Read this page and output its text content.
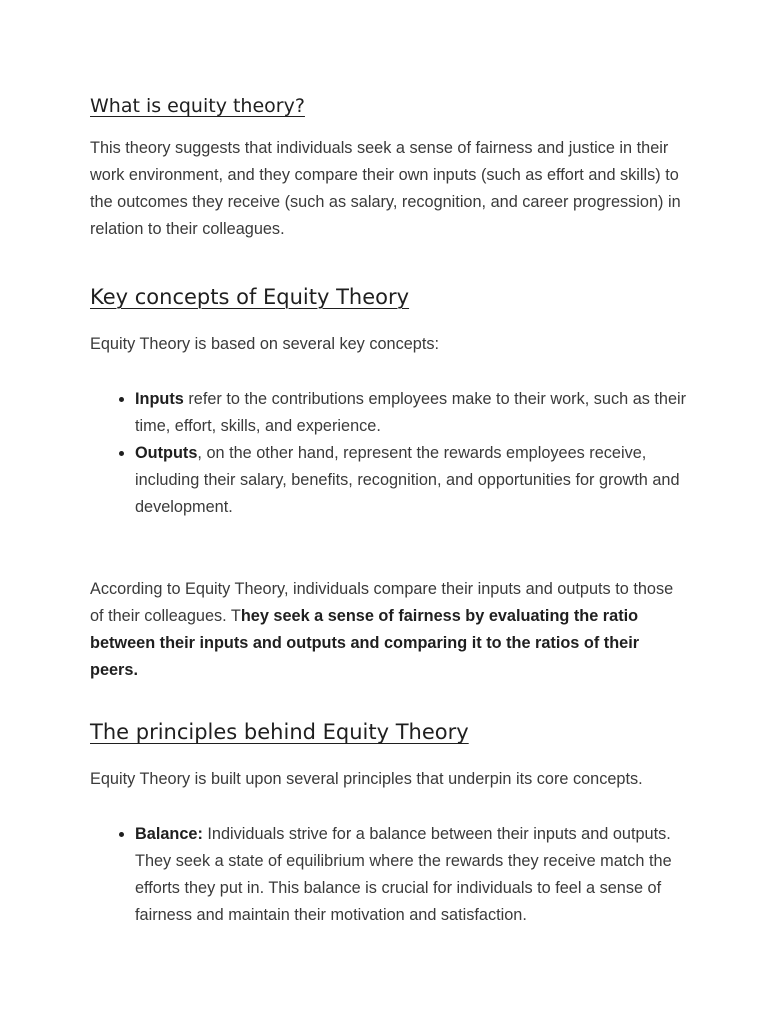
What is equity theory?

This theory suggests that individuals seek a sense of fairness and justice in their work environment, and they compare their own inputs (such as effort and skills) to the outcomes they receive (such as salary, recognition, and career progression) in relation to their colleagues.

Key concepts of Equity Theory

Equity Theory is based on several key concepts:

• Inputs refer to the contributions employees make to their work, such as their time, effort, skills, and experience.
• Outputs, on the other hand, represent the rewards employees receive, including their salary, benefits, recognition, and opportunities for growth and development.

According to Equity Theory, individuals compare their inputs and outputs to those of their colleagues. They seek a sense of fairness by evaluating the ratio between their inputs and outputs and comparing it to the ratios of their peers.

The principles behind Equity Theory

Equity Theory is built upon several principles that underpin its core concepts.

• Balance: Individuals strive for a balance between their inputs and outputs. They seek a state of equilibrium where the rewards they receive match the efforts they put in. This balance is crucial for individuals to feel a sense of fairness and maintain their motivation and satisfaction.
